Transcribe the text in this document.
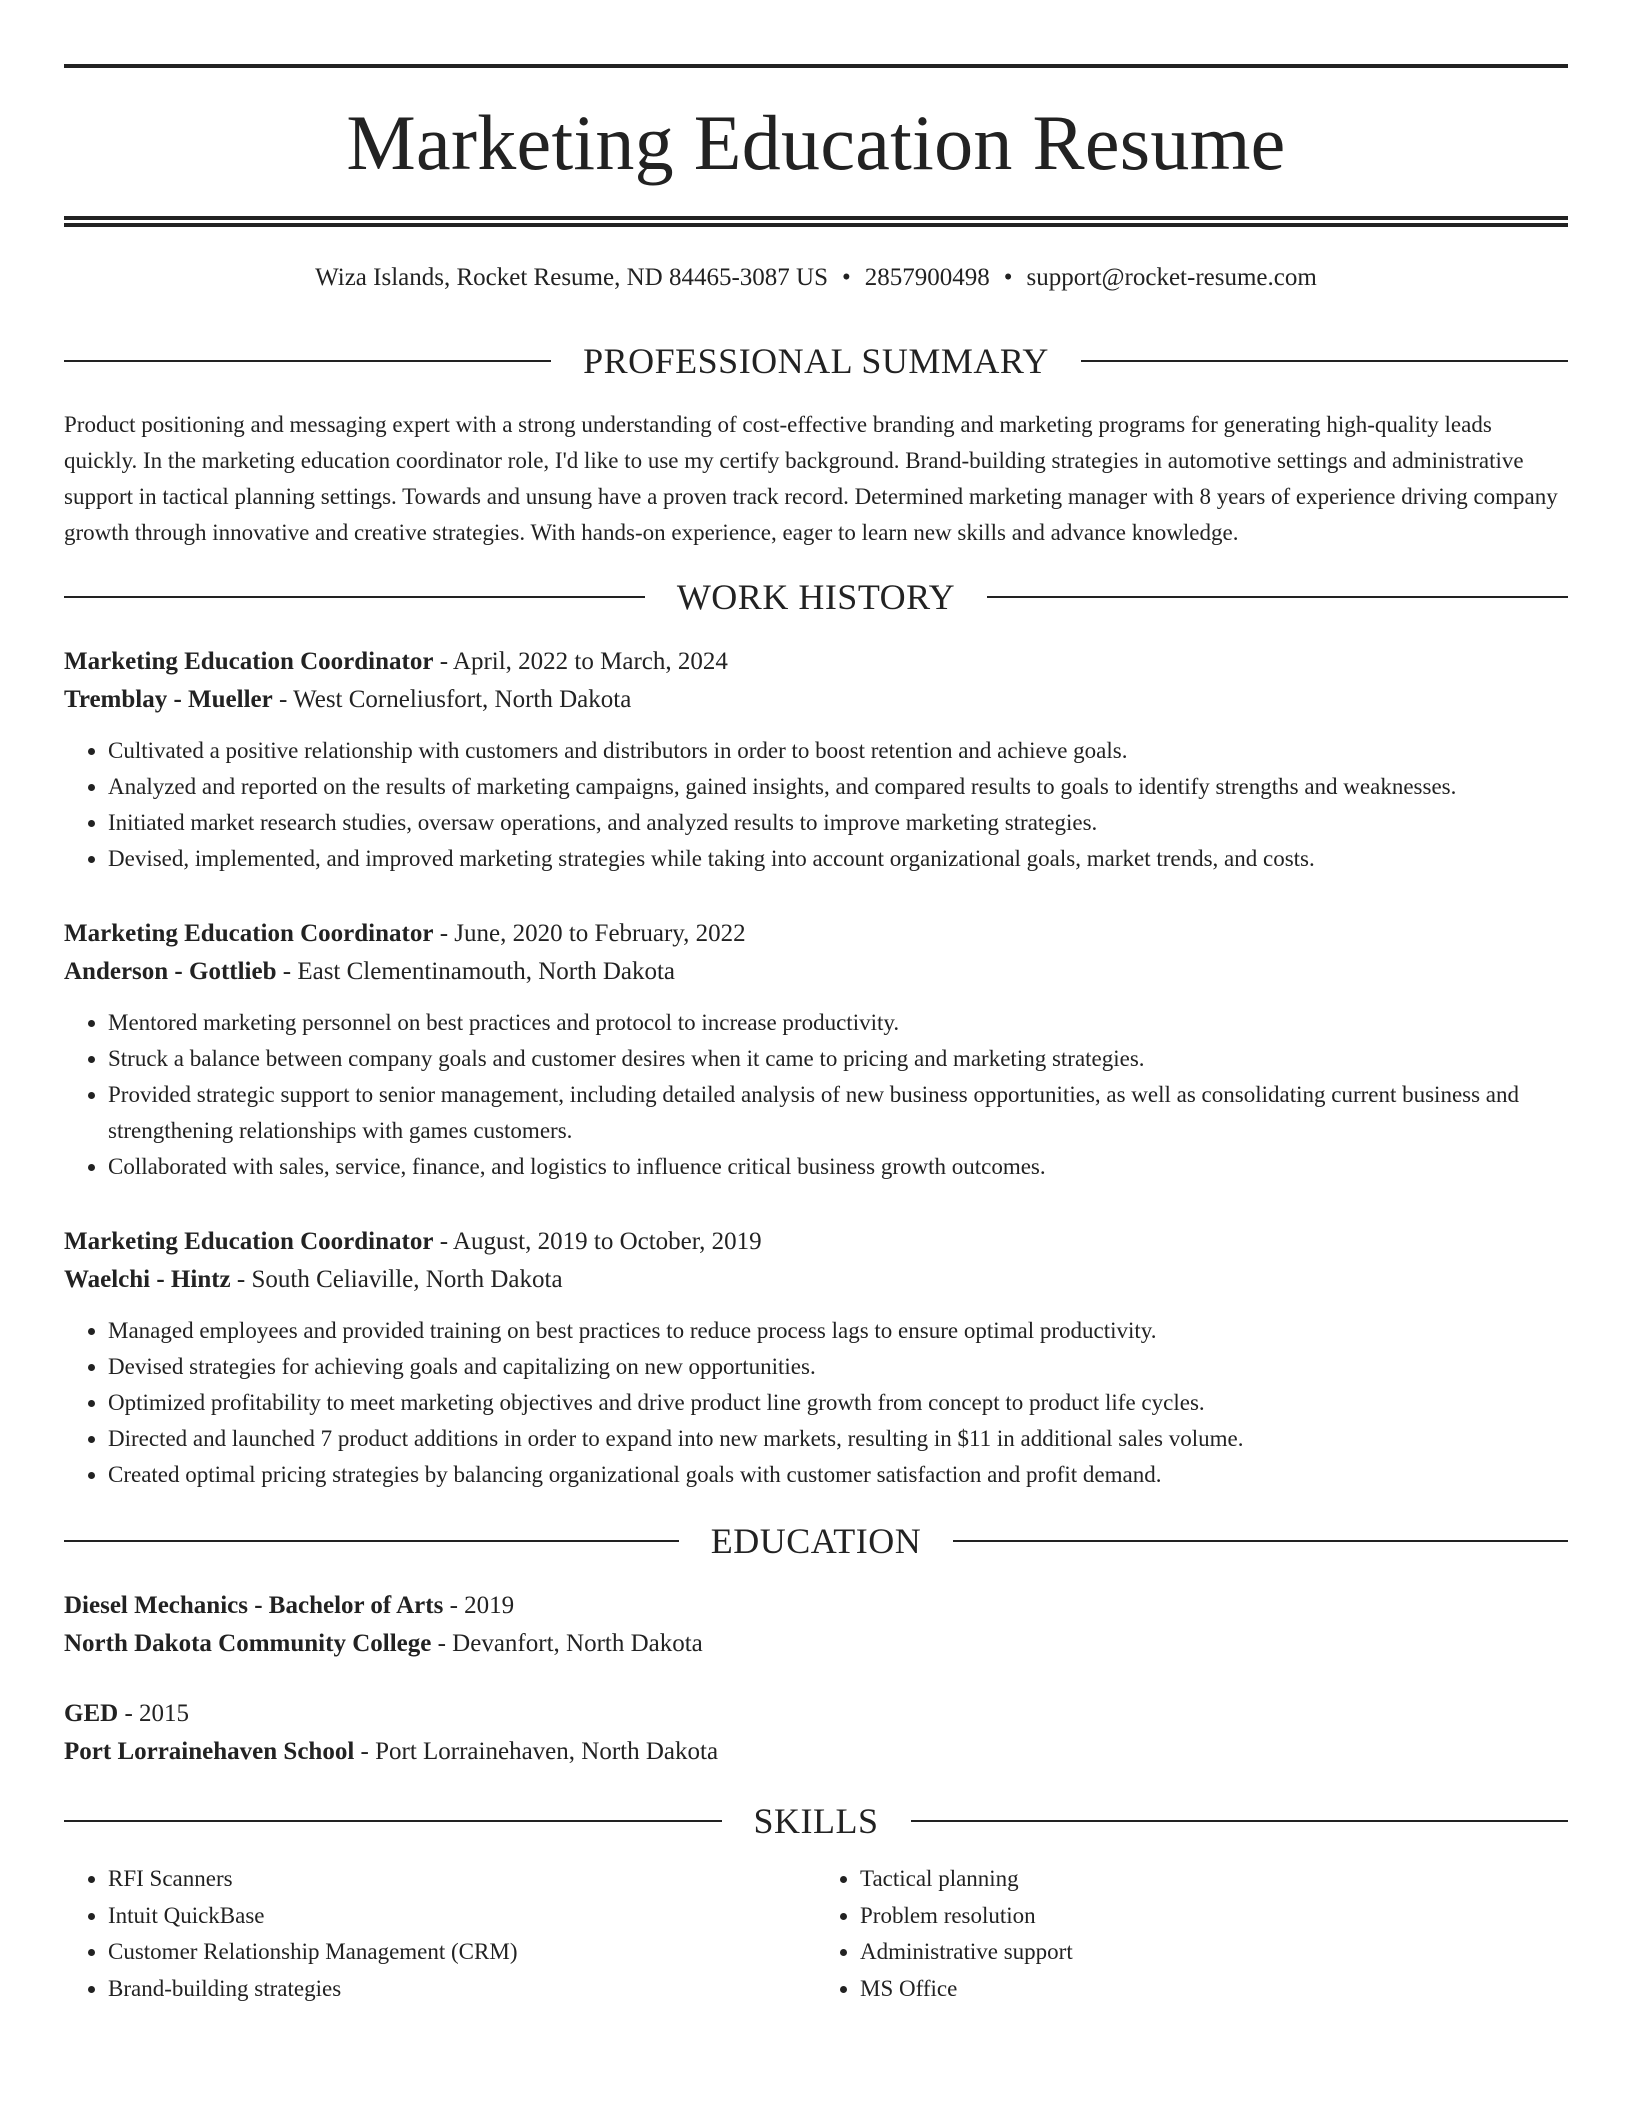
Marketing Education Resume
Wiza Islands, Rocket Resume, ND 84465-3087 US • 2857900498 • support@rocket-resume.com
PROFESSIONAL SUMMARY
Product positioning and messaging expert with a strong understanding of cost-effective branding and marketing programs for generating high-quality leads quickly. In the marketing education coordinator role, I'd like to use my certify background. Brand-building strategies in automotive settings and administrative support in tactical planning settings. Towards and unsung have a proven track record. Determined marketing manager with 8 years of experience driving company growth through innovative and creative strategies. With hands-on experience, eager to learn new skills and advance knowledge.
WORK HISTORY
Marketing Education Coordinator - April, 2022 to March, 2024
Tremblay - Mueller - West Corneliusfort, North Dakota
• Cultivated a positive relationship with customers and distributors in order to boost retention and achieve goals.
• Analyzed and reported on the results of marketing campaigns, gained insights, and compared results to goals to identify strengths and weaknesses.
• Initiated market research studies, oversaw operations, and analyzed results to improve marketing strategies.
• Devised, implemented, and improved marketing strategies while taking into account organizational goals, market trends, and costs.
Marketing Education Coordinator - June, 2020 to February, 2022
Anderson - Gottlieb - East Clementinamouth, North Dakota
• Mentored marketing personnel on best practices and protocol to increase productivity.
• Struck a balance between company goals and customer desires when it came to pricing and marketing strategies.
• Provided strategic support to senior management, including detailed analysis of new business opportunities, as well as consolidating current business and strengthening relationships with games customers.
• Collaborated with sales, service, finance, and logistics to influence critical business growth outcomes.
Marketing Education Coordinator - August, 2019 to October, 2019
Waelchi - Hintz - South Celiaville, North Dakota
• Managed employees and provided training on best practices to reduce process lags to ensure optimal productivity.
• Devised strategies for achieving goals and capitalizing on new opportunities.
• Optimized profitability to meet marketing objectives and drive product line growth from concept to product life cycles.
• Directed and launched 7 product additions in order to expand into new markets, resulting in $11 in additional sales volume.
• Created optimal pricing strategies by balancing organizational goals with customer satisfaction and profit demand.
EDUCATION
Diesel Mechanics - Bachelor of Arts - 2019
North Dakota Community College - Devanfort, North Dakota
GED - 2015
Port Lorrainehaven School - Port Lorrainehaven, North Dakota
SKILLS
• RFI Scanners
• Intuit QuickBase
• Customer Relationship Management (CRM)
• Brand-building strategies
• Tactical planning
• Problem resolution
• Administrative support
• MS Office
